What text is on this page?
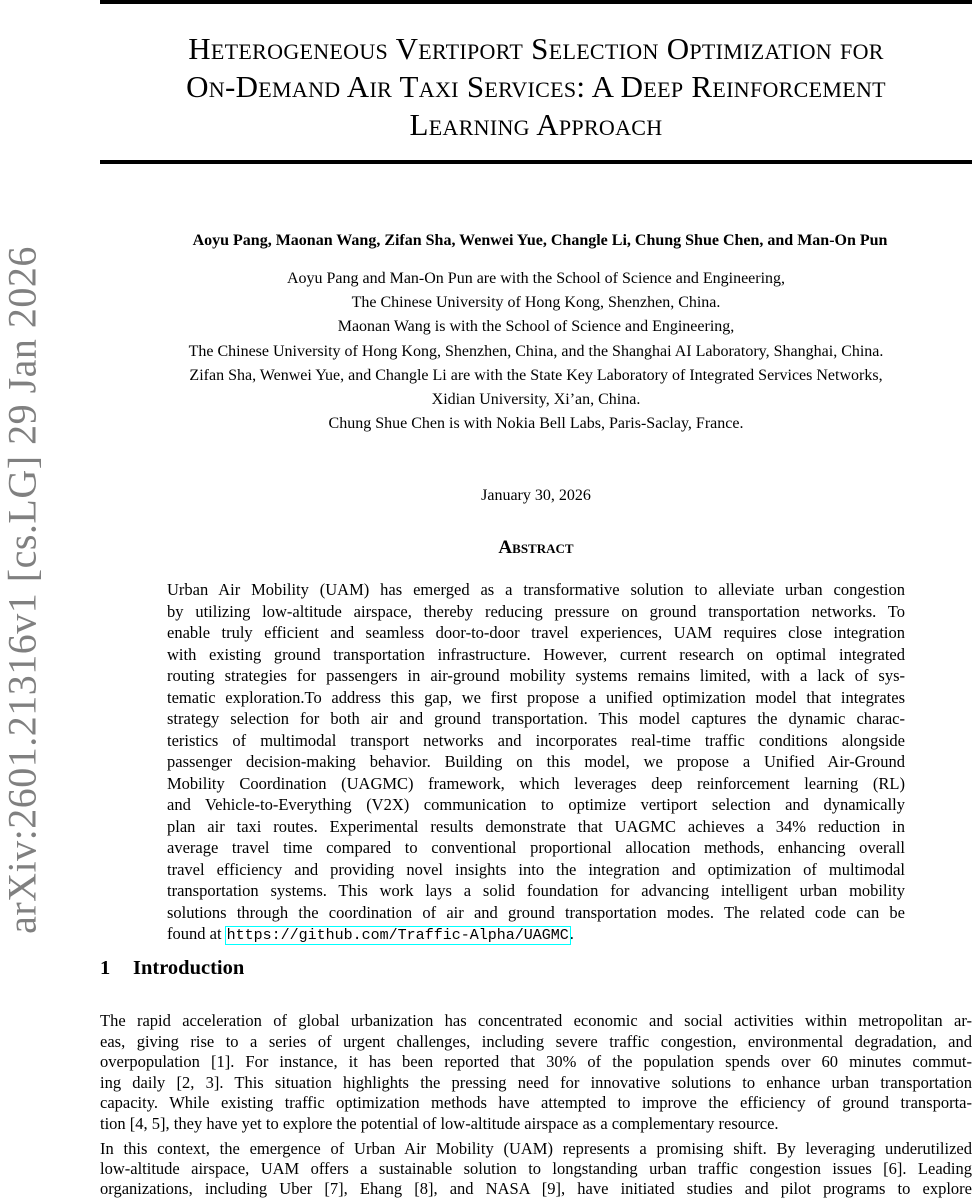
Heterogeneous Vertiport Selection Optimization for
On-Demand Air Taxi Services: A Deep Reinforcement
Learning Approach
arXiv:2601.21316v1 [cs.LG] 29 Jan 2026
Aoyu Pang, Maonan Wang, Zifan Sha, Wenwei Yue, Changle Li, Chung Shue Chen, and Man-On Pun
Aoyu Pang and Man-On Pun are with the School of Science and Engineering,
The Chinese University of Hong Kong, Shenzhen, China.
Maonan Wang is with the School of Science and Engineering,
The Chinese University of Hong Kong, Shenzhen, China, and the Shanghai AI Laboratory, Shanghai, China.
Zifan Sha, Wenwei Yue, and Changle Li are with the State Key Laboratory of Integrated Services Networks,
Xidian University, Xi’an, China.
Chung Shue Chen is with Nokia Bell Labs, Paris-Saclay, France.
January 30, 2026
Abstract
Urban Air Mobility (UAM) has emerged as a transformative solution to alleviate urban congestion
by utilizing low-altitude airspace, thereby reducing pressure on ground transportation networks. To
enable truly efficient and seamless door-to-door travel experiences, UAM requires close integration
with existing ground transportation infrastructure. However, current research on optimal integrated
routing strategies for passengers in air-ground mobility systems remains limited, with a lack of sys-
tematic exploration.To address this gap, we first propose a unified optimization model that integrates
strategy selection for both air and ground transportation. This model captures the dynamic charac-
teristics of multimodal transport networks and incorporates real-time traffic conditions alongside
passenger decision-making behavior. Building on this model, we propose a Unified Air-Ground
Mobility Coordination (UAGMC) framework, which leverages deep reinforcement learning (RL)
and Vehicle-to-Everything (V2X) communication to optimize vertiport selection and dynamically
plan air taxi routes. Experimental results demonstrate that UAGMC achieves a 34% reduction in
average travel time compared to conventional proportional allocation methods, enhancing overall
travel efficiency and providing novel insights into the integration and optimization of multimodal
transportation systems. This work lays a solid foundation for advancing intelligent urban mobility
solutions through the coordination of air and ground transportation modes. The related code can be
found at https://github.com/Traffic-Alpha/UAGMC.
1 Introduction
The rapid acceleration of global urbanization has concentrated economic and social activities within metropolitan ar-
eas, giving rise to a series of urgent challenges, including severe traffic congestion, environmental degradation, and
overpopulation [1]. For instance, it has been reported that 30% of the population spends over 60 minutes commut-
ing daily [2, 3]. This situation highlights the pressing need for innovative solutions to enhance urban transportation
capacity. While existing traffic optimization methods have attempted to improve the efficiency of ground transporta-
tion [4, 5], they have yet to explore the potential of low-altitude airspace as a complementary resource.
In this context, the emergence of Urban Air Mobility (UAM) represents a promising shift. By leveraging underutilized
low-altitude airspace, UAM offers a sustainable solution to longstanding urban traffic congestion issues [6]. Leading
organizations, including Uber [7], Ehang [8], and NASA [9], have initiated studies and pilot programs to explore
